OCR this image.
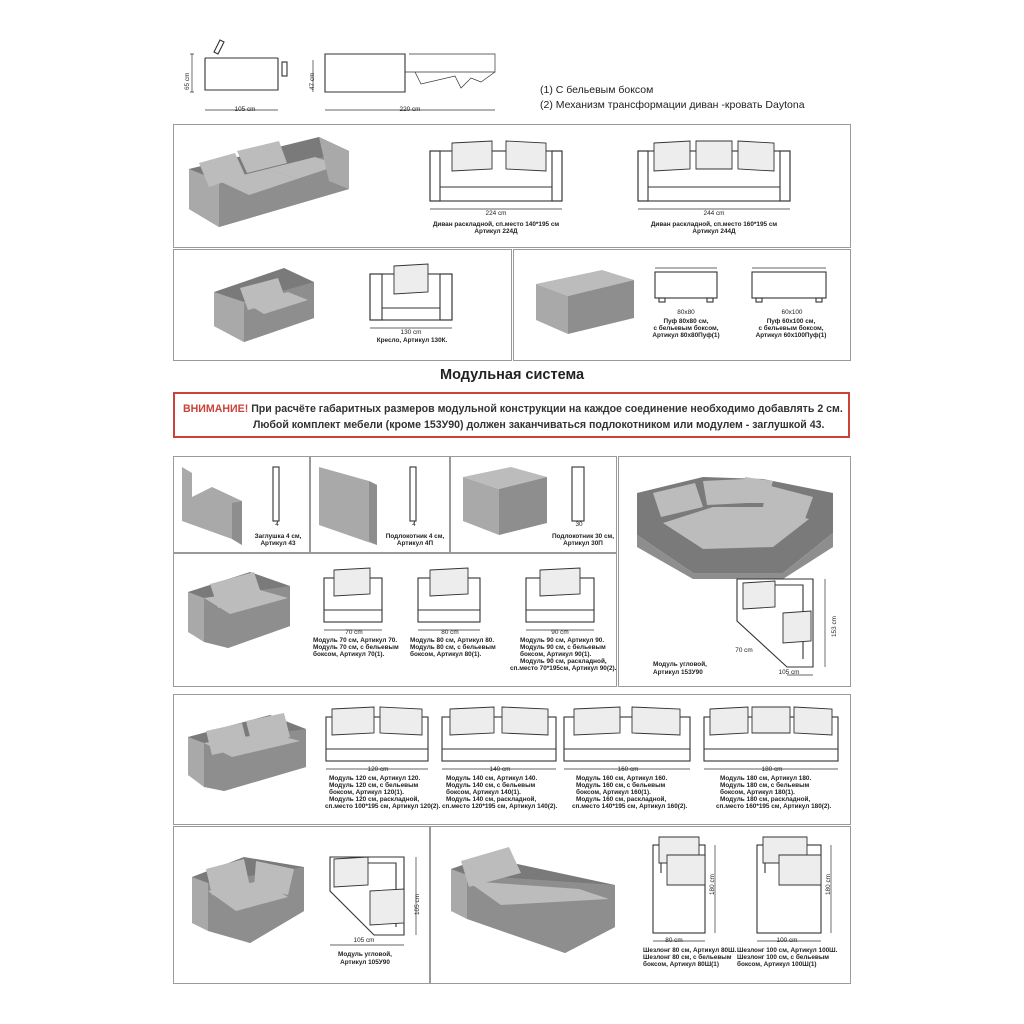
65 cm
105 cm
47 cm
220 cm
(1) С бельевым боксом
(2) Механизм трансформации диван -кровать Daytona
224 cm
Диван раскладной, сп.место 140*195 см
Артикул 224Д
244 cm
Диван раскладной, сп.место 160*195 см
Артикул 244Д
130 cm
Кресло, Артикул 130К.
80x80
Пуф 80x80 см,
с бельевым боксом,
Артикул 80x80Пуф(1)
60x100
Пуф 60x100 см,
с бельевым боксом,
Артикул 60x100Пуф(1)
Модульная система
ВНИМАНИЕ! При расчёте габаритных размеров модульной конструкции на каждое соединение необходимо добавлять 2 см.
Любой комплект мебели (кроме 153У90) должен заканчиваться подлокотником или модулем - заглушкой 43.
4
Заглушка 4 см,
Артикул 43
4
Подлокотник 4 см,
Артикул 4П
30
Подлокотник 30 см,
Артикул 30П
70 cm
Модуль 70 см, Артикул 70.
Модуль 70 см, с бельевым
боксом, Артикул 70(1).
80 cm
Модуль 80 см, Артикул 80.
Модуль 80 см, с бельевым
боксом, Артикул 80(1).
90 cm
Модуль 90 см, Артикул 90.
Модуль 90 см, с бельевым
боксом, Артикул 90(1).
Модуль 90 см, раскладной,
сп.место 70*195см, Артикул 90(2).
153 cm
105 cm
70 cm
Модуль угловой,
Артикул 153У90
120 cm
Модуль 120 см, Артикул 120.
Модуль 120 см, с бельевым
боксом, Артикул 120(1).
Модуль 120 см, раскладной,
сп.место 100*195 см, Артикул 120(2).
140 cm
Модуль 140 см, Артикул 140.
Модуль 140 см, с бельевым
боксом, Артикул 140(1).
Модуль 140 см, раскладной,
сп.место 120*195 см, Артикул 140(2).
160 cm
Модуль 160 см, Артикул 160.
Модуль 160 см, с бельевым
боксом, Артикул 160(1).
Модуль 160 см, раскладной,
сп.место 140*195 см, Артикул 160(2).
180 cm
Модуль 180 см, Артикул 180.
Модуль 180 см, с бельевым
боксом, Артикул 180(1).
Модуль 180 см, раскладной,
сп.место 160*195 см, Артикул 180(2).
105 cm
105 cm
Модуль угловой,
Артикул 105У90
180 cm
80 cm
Шезлонг 80 см, Артикул 80Ш.
Шезлонг 80 см, с бельевым
боксом, Артикул 80Ш(1)
180 cm
100 cm
Шезлонг 100 см, Артикул 100Ш.
Шезлонг 100 см, с бельевым
боксом, Артикул 100Ш(1)
